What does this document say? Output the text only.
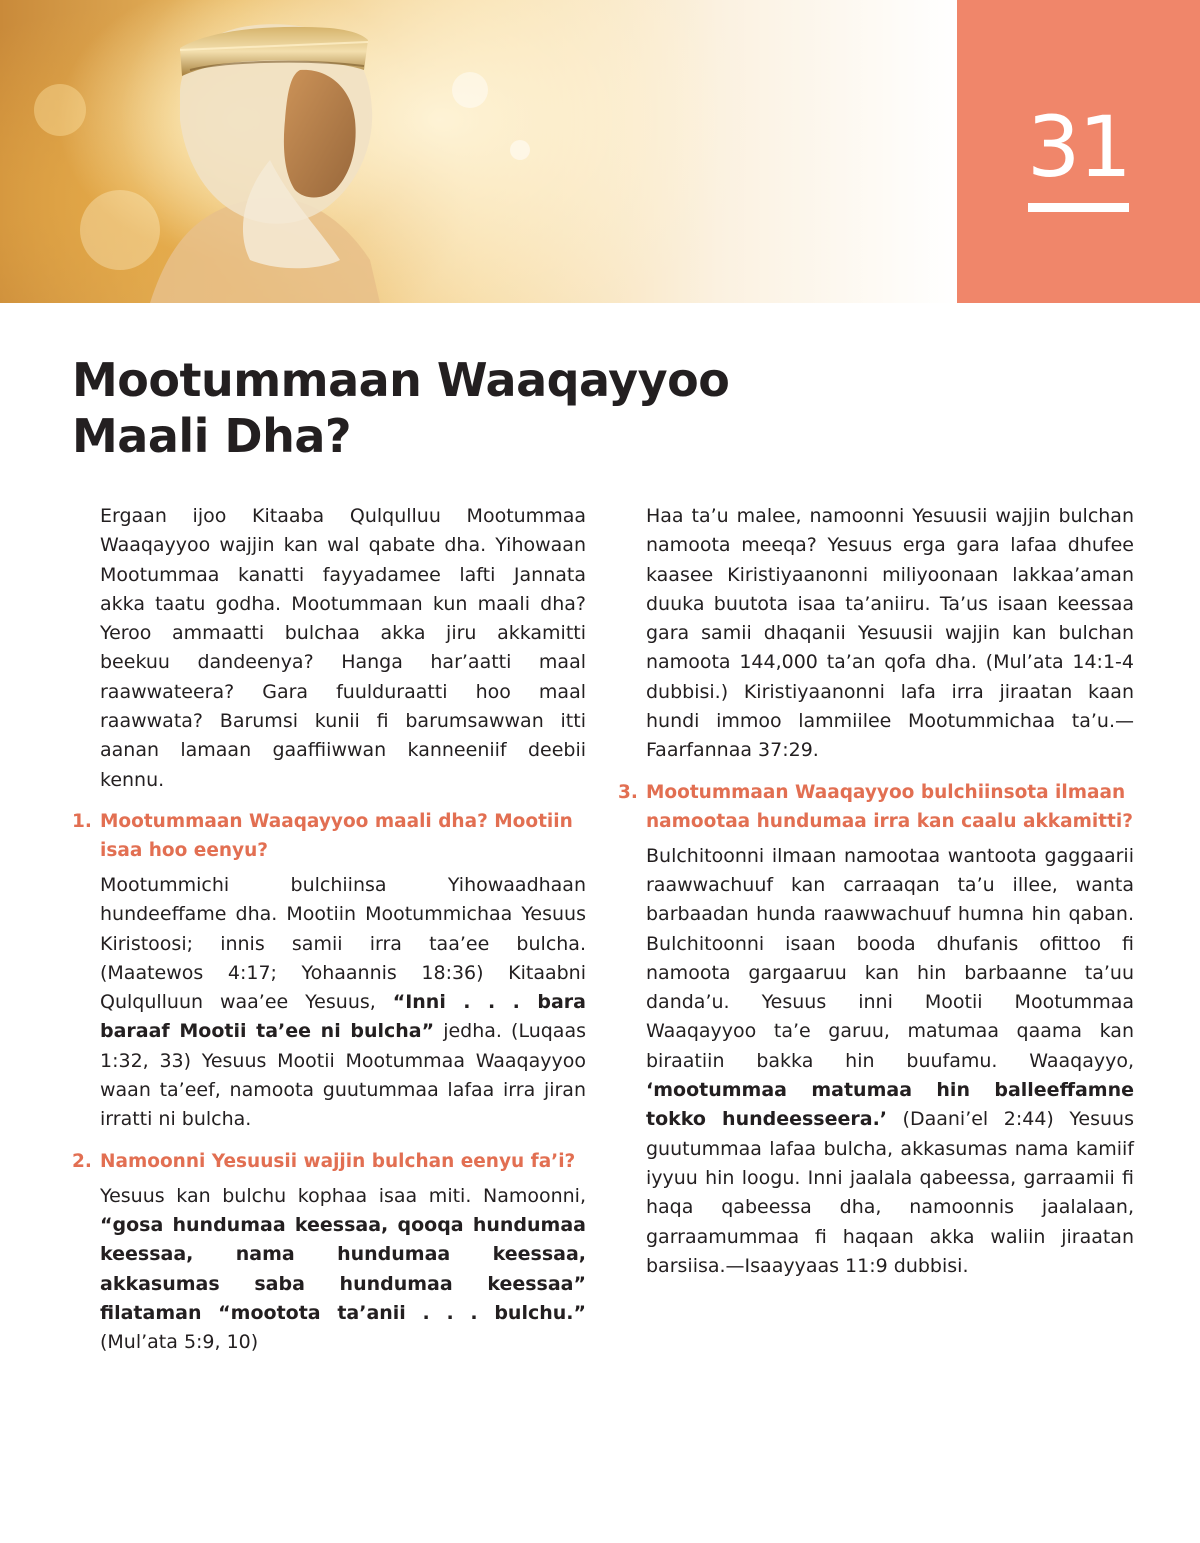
31
Mootummaan Waaqayyoo
Maali Dha?

Ergaan ijoo Kitaaba Qulqulluu Mootummaa Waaqayyoo wajjin kan wal qabate dha. Yihowaan Mootummaa kanatti fayyadamee lafti Jannata akka taatu godha. Mootummaan kun maali dha? Yeroo ammaatti bulchaa akka jiru akkamitti beekuu dandeenya? Hanga har’aatti maal raawwateera? Gara fuulduraatti hoo maal raawwata? Barumsi kunii fi barumsawwan itti aanan lamaan gaaffiiwwan kanneeniif deebii kennu.

1. Mootummaan Waaqayyoo maali dha? Mootiin isaa hoo eenyu?

Mootummichi bulchiinsa Yihowaadhaan hundeeffame dha. Mootiin Mootummichaa Yesuus Kiristoosi; innis samii irra taa’ee bulcha. (Maatewos 4:17; Yohaannis 18:36) Kitaabni Qulqulluun waa’ee Yesuus, “Inni . . . bara baraaf Mootii ta’ee ni bulcha” jedha. (Luqaas 1:32, 33) Yesuus Mootii Mootummaa Waaqayyoo waan ta’eef, namoota guutummaa lafaa irra jiran irratti ni bulcha.

2. Namoonni Yesuusii wajjin bulchan eenyu fa’i?

Yesuus kan bulchu kophaa isaa miti. Namoonni, “gosa hundumaa keessaa, qooqa hundumaa keessaa, nama hundumaa keessaa, akkasumas saba hundumaa keessaa” filataman “mootota ta’anii . . . bulchu.” (Mul’ata 5:9, 10)

Haa ta’u malee, namoonni Yesuusii wajjin bulchan namoota meeqa? Yesuus erga gara lafaa dhufee kaasee Kiristiyaanonni miliyoonaan lakkaa’aman duuka buutota isaa ta’aniiru. Ta’us isaan keessaa gara samii dhaqanii Yesuusii wajjin kan bulchan namoota 144,000 ta’an qofa dha. (Mul’ata 14:1-4 dubbisi.) Kiristiyaanonni lafa irra jiraatan kaan hundi immoo lammiilee Mootummichaa ta’u.—Faarfannaa 37:29.

3. Mootummaan Waaqayyoo bulchiinsota ilmaan namootaa hundumaa irra kan caalu akkamitti?

Bulchitoonni ilmaan namootaa wantoota gaggaarii raawwachuuf kan carraaqan ta’u illee, wanta barbaadan hunda raawwachuuf humna hin qaban. Bulchitoonni isaan booda dhufanis ofittoo fi namoota gargaaruu kan hin barbaanne ta’uu danda’u. Yesuus inni Mootii Mootummaa Waaqayyoo ta’e garuu, matumaa qaama kan biraatiin bakka hin buufamu. Waaqayyo, ‘mootummaa matumaa hin balleeffamne tokko hundeesseera.’ (Daani’el 2:44) Yesuus guutummaa lafaa bulcha, akkasumas nama kamiif iyyuu hin loogu. Inni jaalala qabeessa, garraamii fi haqa qabeessa dha, namoonnis jaalalaan, garraamummaa fi haqaan akka waliin jiraatan barsiisa.—Isaayyaas 11:9 dubbisi.
